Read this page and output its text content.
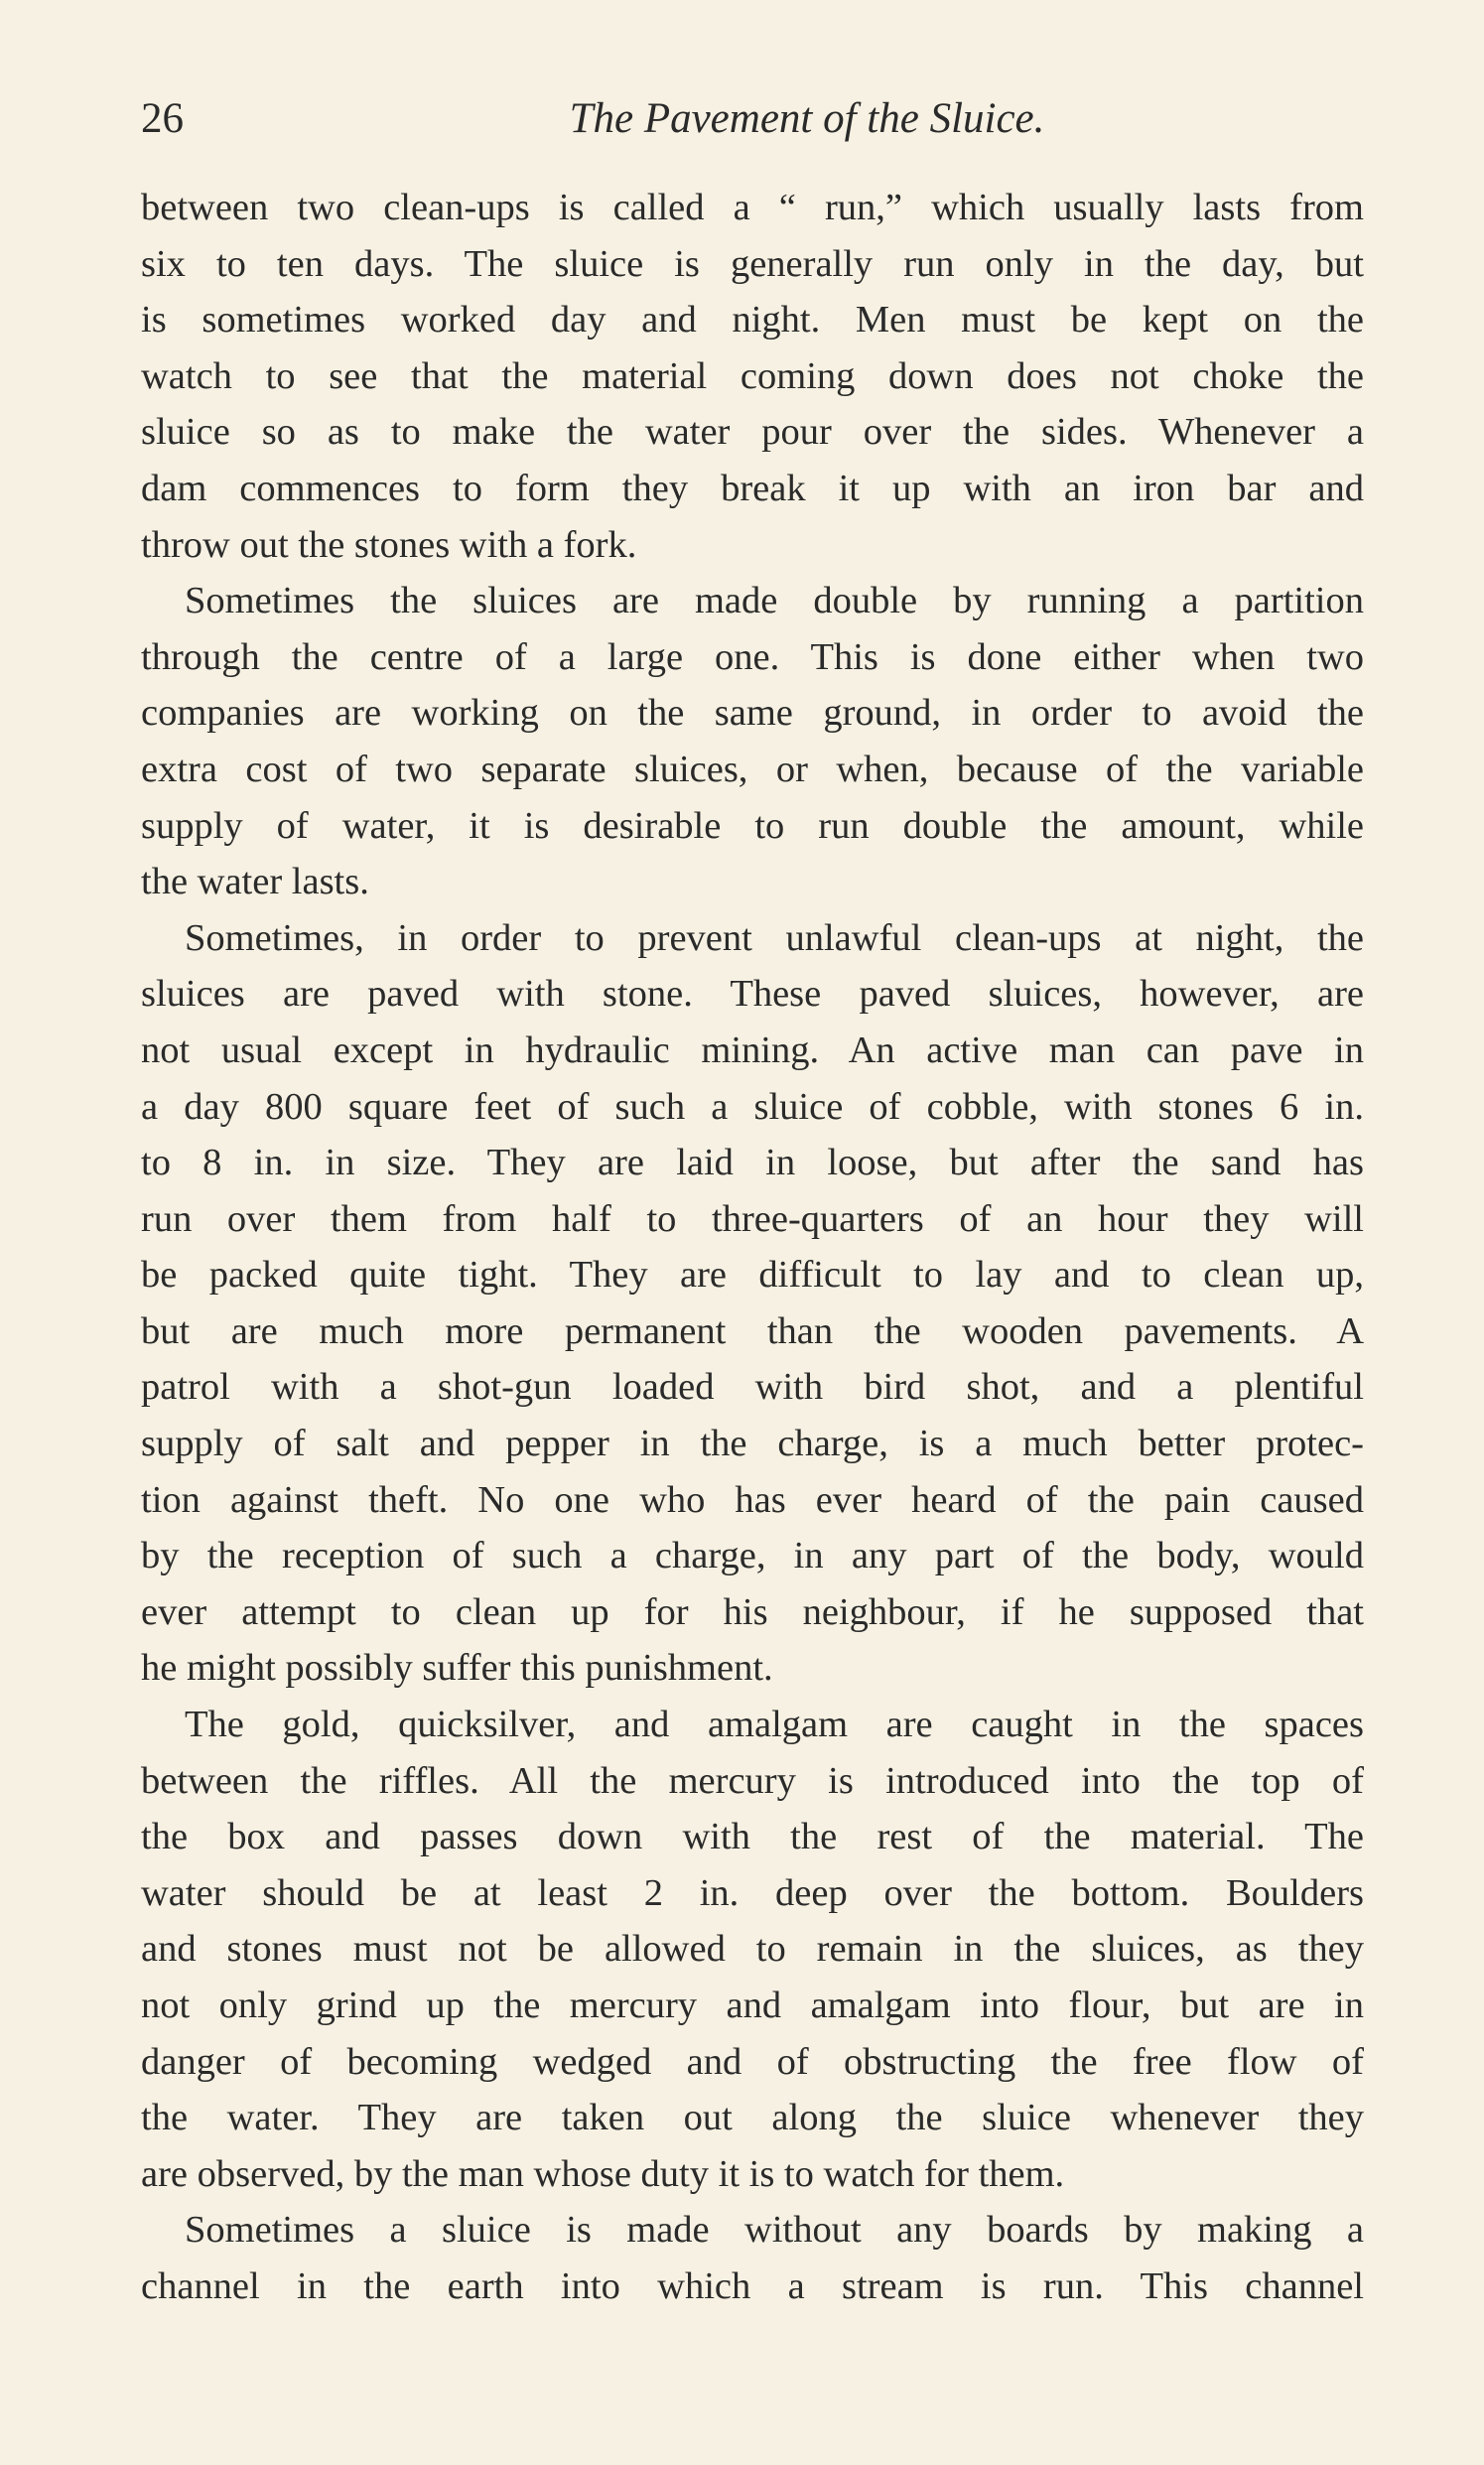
26	The Pavement of the Sluice.
between two clean-ups is called a “ run,” which usually lasts from
six to ten days. The sluice is generally run only in the day, but
is sometimes worked day and night. Men must be kept on the
watch to see that the material coming down does not choke the
sluice so as to make the water pour over the sides. Whenever a
dam commences to form they break it up with an iron bar and
throw out the stones with a fork.
Sometimes the sluices are made double by running a partition
through the centre of a large one. This is done either when two
companies are working on the same ground, in order to avoid the
extra cost of two separate sluices, or when, because of the variable
supply of water, it is desirable to run double the amount, while
the water lasts.
Sometimes, in order to prevent unlawful clean-ups at night, the
sluices are paved with stone. These paved sluices, however, are
not usual except in hydraulic mining. An active man can pave in
a day 800 square feet of such a sluice of cobble, with stones 6 in.
to 8 in. in size. They are laid in loose, but after the sand has
run over them from half to three-quarters of an hour they will
be packed quite tight. They are difficult to lay and to clean up,
but are much more permanent than the wooden pavements. A
patrol with a shot-gun loaded with bird shot, and a plentiful
supply of salt and pepper in the charge, is a much better protec-
tion against theft. No one who has ever heard of the pain caused
by the reception of such a charge, in any part of the body, would
ever attempt to clean up for his neighbour, if he supposed that
he might possibly suffer this punishment.
The gold, quicksilver, and amalgam are caught in the spaces
between the riffles. All the mercury is introduced into the top of
the box and passes down with the rest of the material. The
water should be at least 2 in. deep over the bottom. Boulders
and stones must not be allowed to remain in the sluices, as they
not only grind up the mercury and amalgam into flour, but are in
danger of becoming wedged and of obstructing the free flow of
the water. They are taken out along the sluice whenever they
are observed, by the man whose duty it is to watch for them.
Sometimes a sluice is made without any boards by making a
channel in the earth into which a stream is run. This channel
